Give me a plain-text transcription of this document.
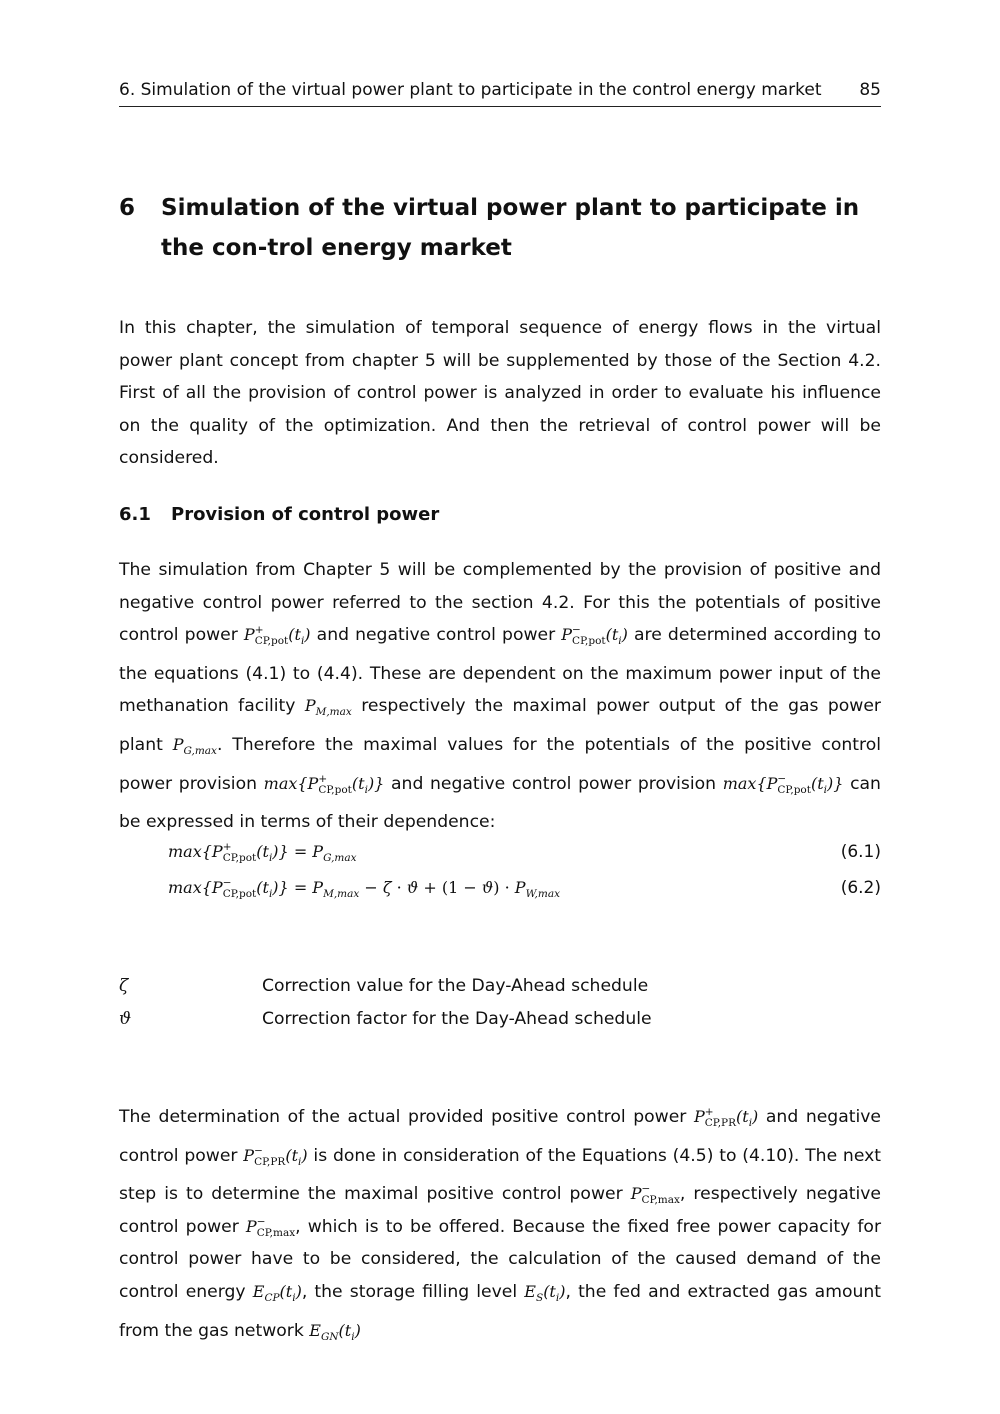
6. Simulation of the virtual power plant to participate in the control energy market 85
6 Simulation of the virtual power plant to participate in the con-trol energy market

In this chapter, the simulation of temporal sequence of energy flows in the virtual power plant concept from chapter 5 will be supplemented by those of the Section 4.2. First of all the provision of control power is analyzed in order to evaluate his influence on the quality of the optimization. And then the retrieval of control power will be considered.

6.1 Provision of control power

The simulation from Chapter 5 will be complemented by the provision of positive and negative control power referred to the section 4.2. For this the potentials of positive control power P +
CP,pot $(t_i)$ and negative control power P −
CP,pot $(t_i)$ are determined according to the equations (4.1) to (4.4). These are dependent on the maximum power input of the methanation facility $P_{M,max}$ respectively the maximal power output of the gas power plant $P_{G,max}$. Therefore the maximal values for the potentials of the positive control power provision max{P +
CP,pot $(t_i)$} and negative control power provision max{P −
CP,pot $(t_i)$} can be expressed in terms of their dependence:

max{P +
CP,pot $(t_i)\} = P_{G,max}$	(6.1)
max{P −
CP,pot $(t_i)\} = P_{M,max} - \zeta \cdot ϑ + (1 - ϑ) \cdot P_{W,max}$	(6.2)
ζ	Correction value for the Day-Ahead schedule
ϑ	Correction factor for the Day-Ahead schedule

The determination of the actual provided positive control power P +
CP,PR $(t_i)$ and negative control power P −
CP,PR $(t_i)$ is done in consideration of the Equations (4.5) to (4.10). The next step is to determine the maximal positive control power P −
CP,max , respectively negative control power P −
CP,max , which is to be offered. Because the fixed free power capacity for control power have to be considered, the calculation of the caused demand of the control energy $E_{CP}(t_i)$, the storage filling level $E_S(t_i)$, the fed and extracted gas amount from the gas network $E_{GN}(t_i)$
